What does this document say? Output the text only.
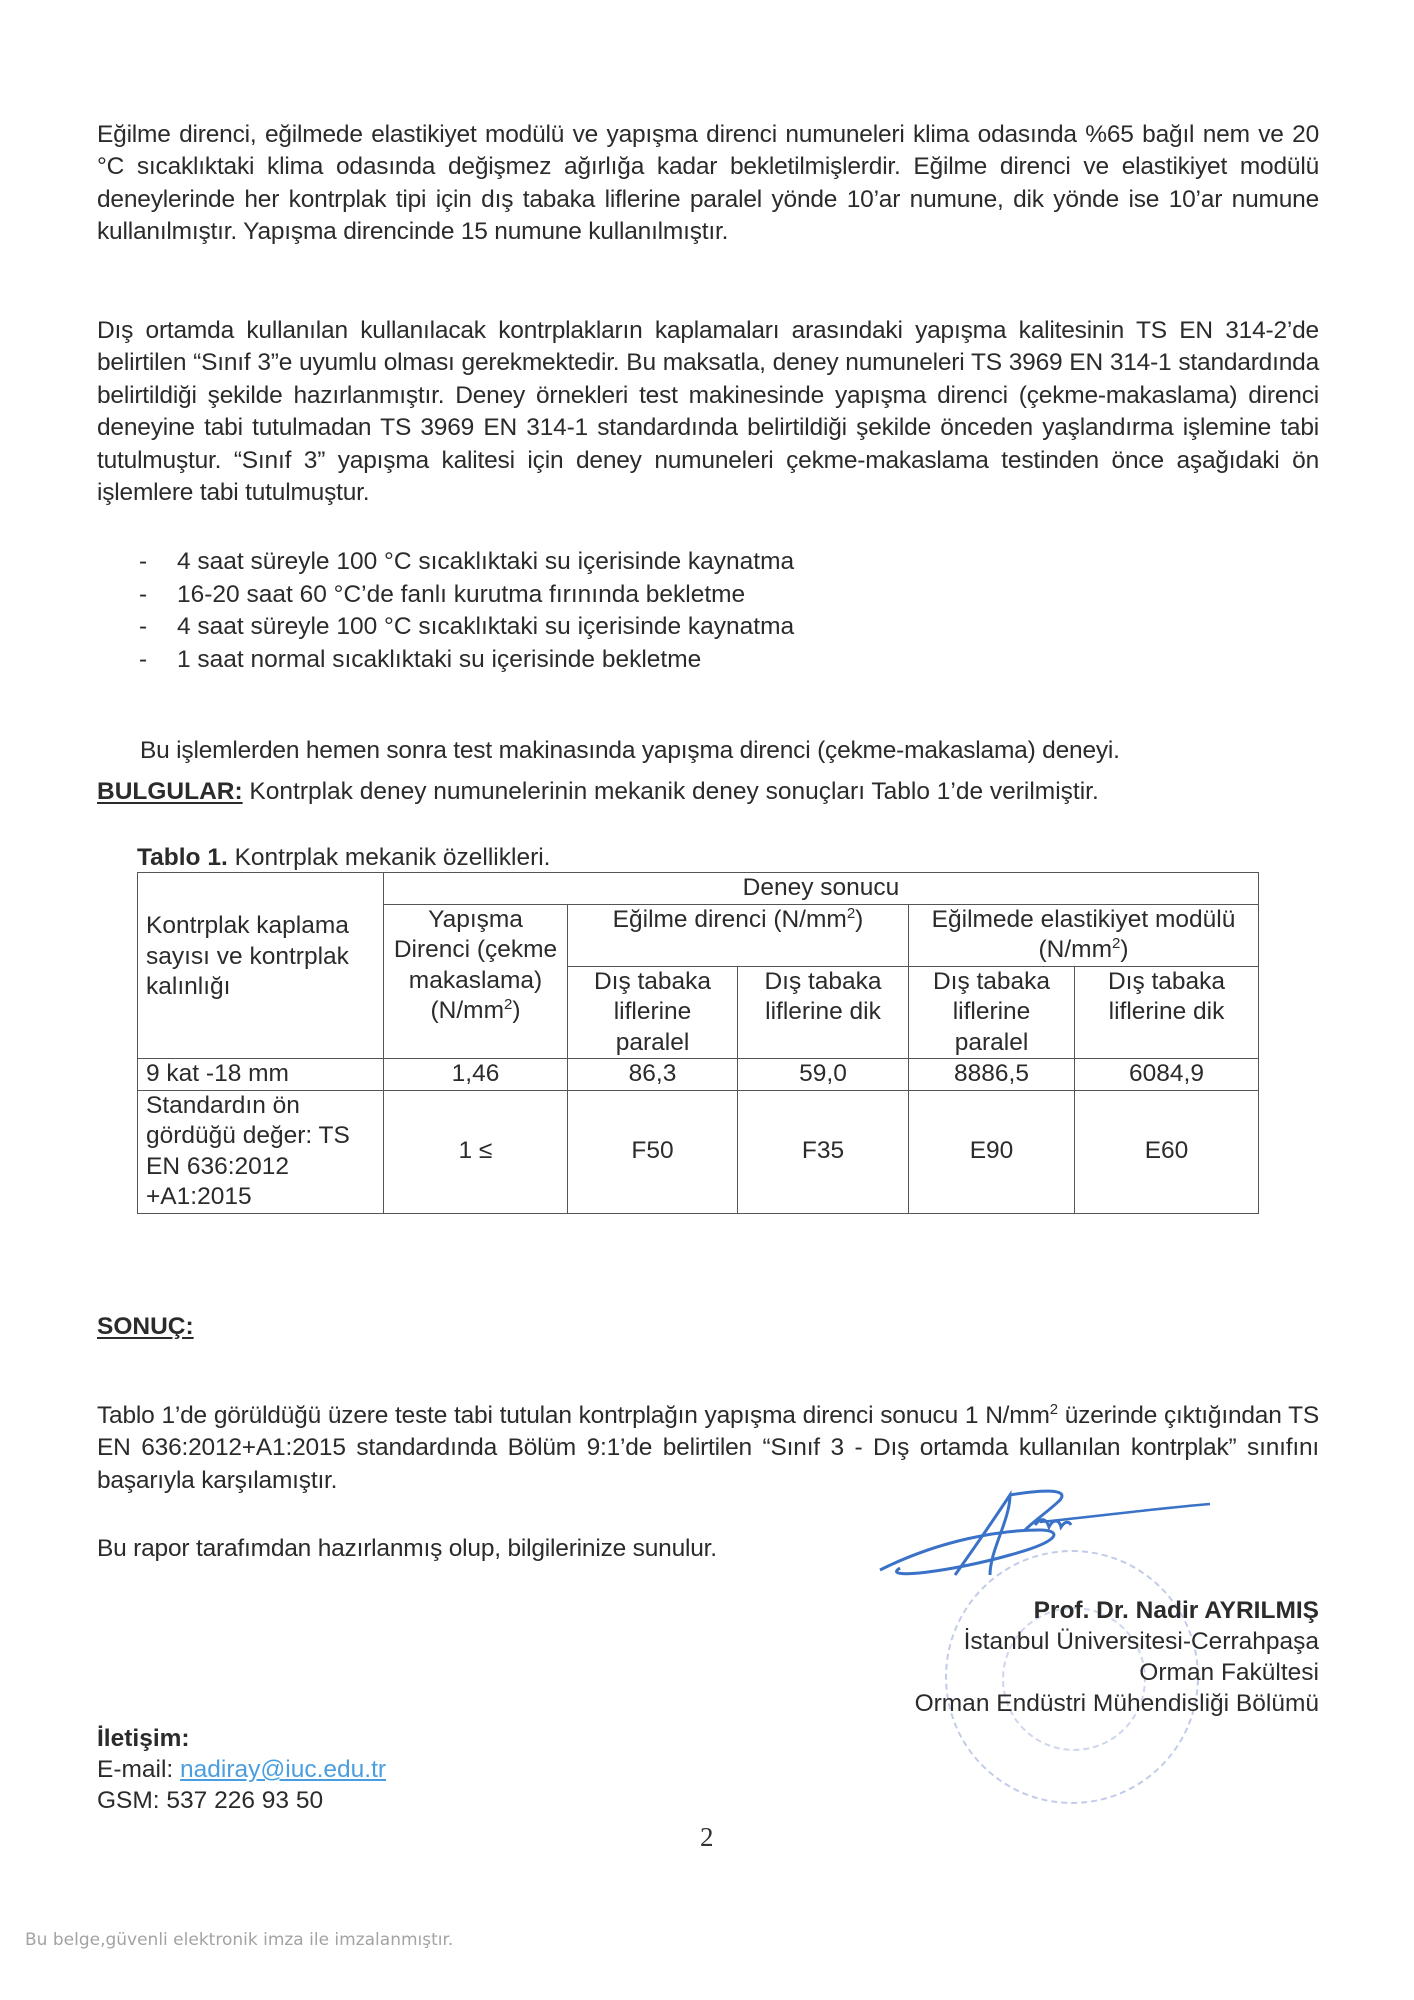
Eğilme direnci, eğilmede elastikiyet modülü ve yapışma direnci numuneleri klima odasında %65 bağıl nem ve 20 °C sıcaklıktaki klima odasında değişmez ağırlığa kadar bekletilmişlerdir. Eğilme direnci ve elastikiyet modülü deneylerinde her kontrplak tipi için dış tabaka liflerine paralel yönde 10’ar numune, dik yönde ise 10’ar numune kullanılmıştır. Yapışma direncinde 15 numune kullanılmıştır.

Dış ortamda kullanılan kullanılacak kontrplakların kaplamaları arasındaki yapışma kalitesinin TS EN 314-2’de belirtilen “Sınıf 3”e uyumlu olması gerekmektedir. Bu maksatla, deney numuneleri TS 3969 EN 314-1 standardında belirtildiği şekilde hazırlanmıştır. Deney örnekleri test makinesinde yapışma direnci (çekme-makaslama) direnci deneyine tabi tutulmadan TS 3969 EN 314-1 standardında belirtildiği şekilde önceden yaşlandırma işlemine tabi tutulmuştur. “Sınıf 3” yapışma kalitesi için deney numuneleri çekme-makaslama testinden önce aşağıdaki ön işlemlere tabi tutulmuştur.

- 4 saat süreyle 100 °C sıcaklıktaki su içerisinde kaynatma
- 16-20 saat 60 °C’de fanlı kurutma fırınında bekletme
- 4 saat süreyle 100 °C sıcaklıktaki su içerisinde kaynatma
- 1 saat normal sıcaklıktaki su içerisinde bekletme

Bu işlemlerden hemen sonra test makinasında yapışma direnci (çekme-makaslama) deneyi.

BULGULAR: Kontrplak deney numunelerinin mekanik deney sonuçları Tablo 1’de verilmiştir.
Tablo 1. Kontrplak mekanik özellikleri.
Kontrplak kaplama sayısı ve kontrplak kalınlığı	Deney sonucu				
	Yapışma Direnci (çekme makaslama) $(N/mm^2)$	Eğilme direnci $(N/mm^2)$		Eğilmede elastikiyet modülü $(N/mm^2)$	
		Dış tabaka liflerine paralel	Dış tabaka liflerine dik	Dış tabaka liflerine paralel	Dış tabaka liflerine dik
9 kat -18 mm	1,46	86,3	59,0	8886,5	6084,9
Standardın ön gördüğü değer: TS EN 636:2012 +A1:2015	1 ≤	F50	F35	E90	E60
SONUÇ:

Tablo 1’de görüldüğü üzere teste tabi tutulan kontrplağın yapışma direnci sonucu 1 $N/mm^2$ üzerinde çıktığından TS EN 636:2012+A1:2015 standardında Bölüm 9:1’de belirtilen “Sınıf 3 - Dış ortamda kullanılan kontrplak” sınıfını başarıyla karşılamıştır.

Bu rapor tarafımdan hazırlanmış olup, bilgilerinize sunulur.

Prof. Dr. Nadir AYRILMIŞ
İstanbul Üniversitesi-Cerrahpaşa
Orman Fakültesi
Orman Endüstri Mühendisliği Bölümü
İletişim:
E-mail: nadiray@iuc.edu.tr
GSM: 537 226 93 50
2
Bu belge,güvenli elektronik imza ile imzalanmıştır.
